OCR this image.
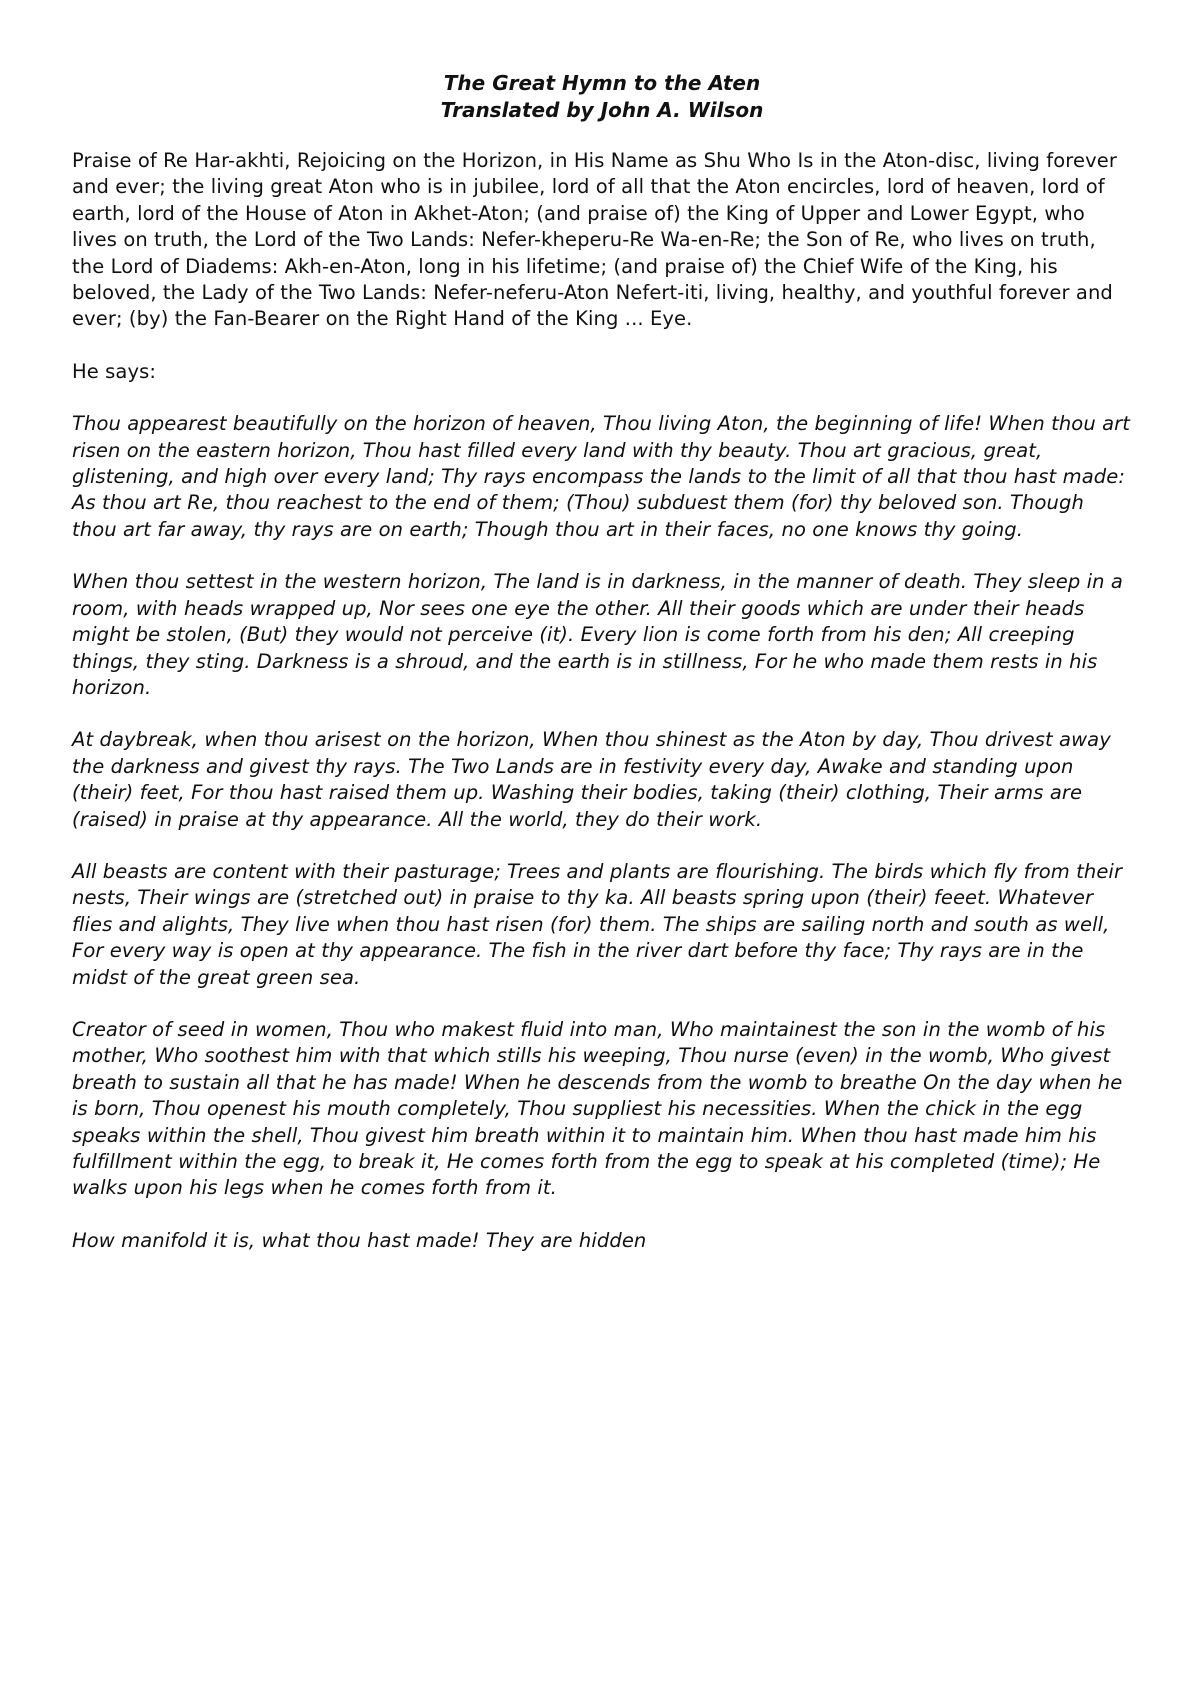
The Great Hymn to the Aten
Translated by John A. Wilson

Praise of Re Har-akhti, Rejoicing on the Horizon, in His Name as Shu Who Is in the Aton-disc, living forever and ever; the living great Aton who is in jubilee, lord of all that the Aton encircles, lord of heaven, lord of earth, lord of the House of Aton in Akhet-Aton; (and praise of) the King of Upper and Lower Egypt, who lives on truth, the Lord of the Two Lands: Nefer-kheperu-Re Wa-en-Re; the Son of Re, who lives on truth, the Lord of Diadems: Akh-en-Aton, long in his lifetime; (and praise of) the Chief Wife of the King, his beloved, the Lady of the Two Lands: Nefer-neferu-Aton Nefert-iti, living, healthy, and youthful forever and ever; (by) the Fan-Bearer on the Right Hand of the King ... Eye.

He says:

Thou appearest beautifully on the horizon of heaven, Thou living Aton, the beginning of life! When thou art risen on the eastern horizon, Thou hast filled every land with thy beauty. Thou art gracious, great, glistening, and high over every land; Thy rays encompass the lands to the limit of all that thou hast made: As thou art Re, thou reachest to the end of them; (Thou) subduest them (for) thy beloved son. Though thou art far away, thy rays are on earth; Though thou art in their faces, no one knows thy going.

When thou settest in the western horizon, The land is in darkness, in the manner of death. They sleep in a room, with heads wrapped up, Nor sees one eye the other. All their goods which are under their heads might be stolen, (But) they would not perceive (it). Every lion is come forth from his den; All creeping things, they sting. Darkness is a shroud, and the earth is in stillness, For he who made them rests in his horizon.

At daybreak, when thou arisest on the horizon, When thou shinest as the Aton by day, Thou drivest away the darkness and givest thy rays. The Two Lands are in festivity every day, Awake and standing upon (their) feet, For thou hast raised them up. Washing their bodies, taking (their) clothing, Their arms are (raised) in praise at thy appearance. All the world, they do their work.

All beasts are content with their pasturage; Trees and plants are flourishing. The birds which fly from their nests, Their wings are (stretched out) in praise to thy ka. All beasts spring upon (their) feeet. Whatever flies and alights, They live when thou hast risen (for) them. The ships are sailing north and south as well, For every way is open at thy appearance. The fish in the river dart before thy face; Thy rays are in the midst of the great green sea.

Creator of seed in women, Thou who makest fluid into man, Who maintainest the son in the womb of his mother, Who soothest him with that which stills his weeping, Thou nurse (even) in the womb, Who givest breath to sustain all that he has made! When he descends from the womb to breathe On the day when he is born, Thou openest his mouth completely, Thou suppliest his necessities. When the chick in the egg speaks within the shell, Thou givest him breath within it to maintain him. When thou hast made him his fulfillment within the egg, to break it, He comes forth from the egg to speak at his completed (time); He walks upon his legs when he comes forth from it.

How manifold it is, what thou hast made! They are hidden
